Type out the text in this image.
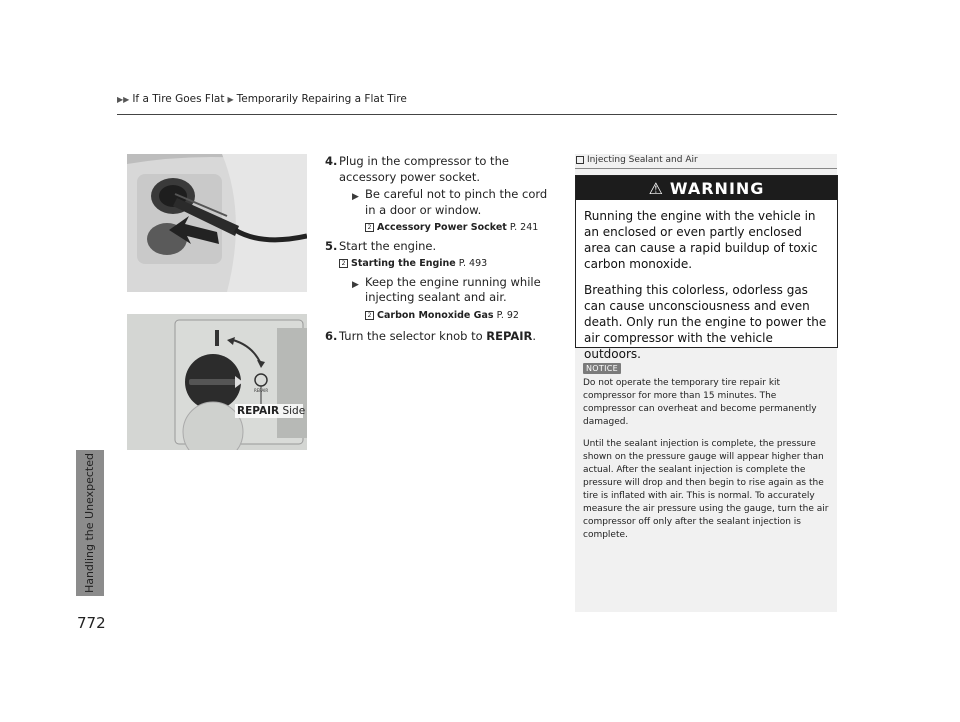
▶▶ If a Tire Goes Flat ▶ Temporarily Repairing a Flat Tire
Handling the Unexpected
772
REPAIR Side
AIR
REPAIR
4. Plug in the compressor to the accessory power socket.
▶ Be careful not to pinch the cord in a door or window.
2 Accessory Power Socket P. 241
5. Start the engine.
2 Starting the Engine P. 493
▶ Keep the engine running while injecting sealant and air.
2 Carbon Monoxide Gas P. 92
6. Turn the selector knob to REPAIR.
Injecting Sealant and Air
⚠ WARNING

Running the engine with the vehicle in an enclosed or even partly enclosed area can cause a rapid buildup of toxic carbon monoxide.

Breathing this colorless, odorless gas can cause unconsciousness and even death. Only run the engine to power the air compressor with the vehicle outdoors.

NOTICE

Do not operate the temporary tire repair kit compressor for more than 15 minutes. The compressor can overheat and become permanently damaged.

Until the sealant injection is complete, the pressure shown on the pressure gauge will appear higher than actual. After the sealant injection is complete the pressure will drop and then begin to rise again as the tire is inflated with air. This is normal. To accurately measure the air pressure using the gauge, turn the air compressor off only after the sealant injection is complete.
